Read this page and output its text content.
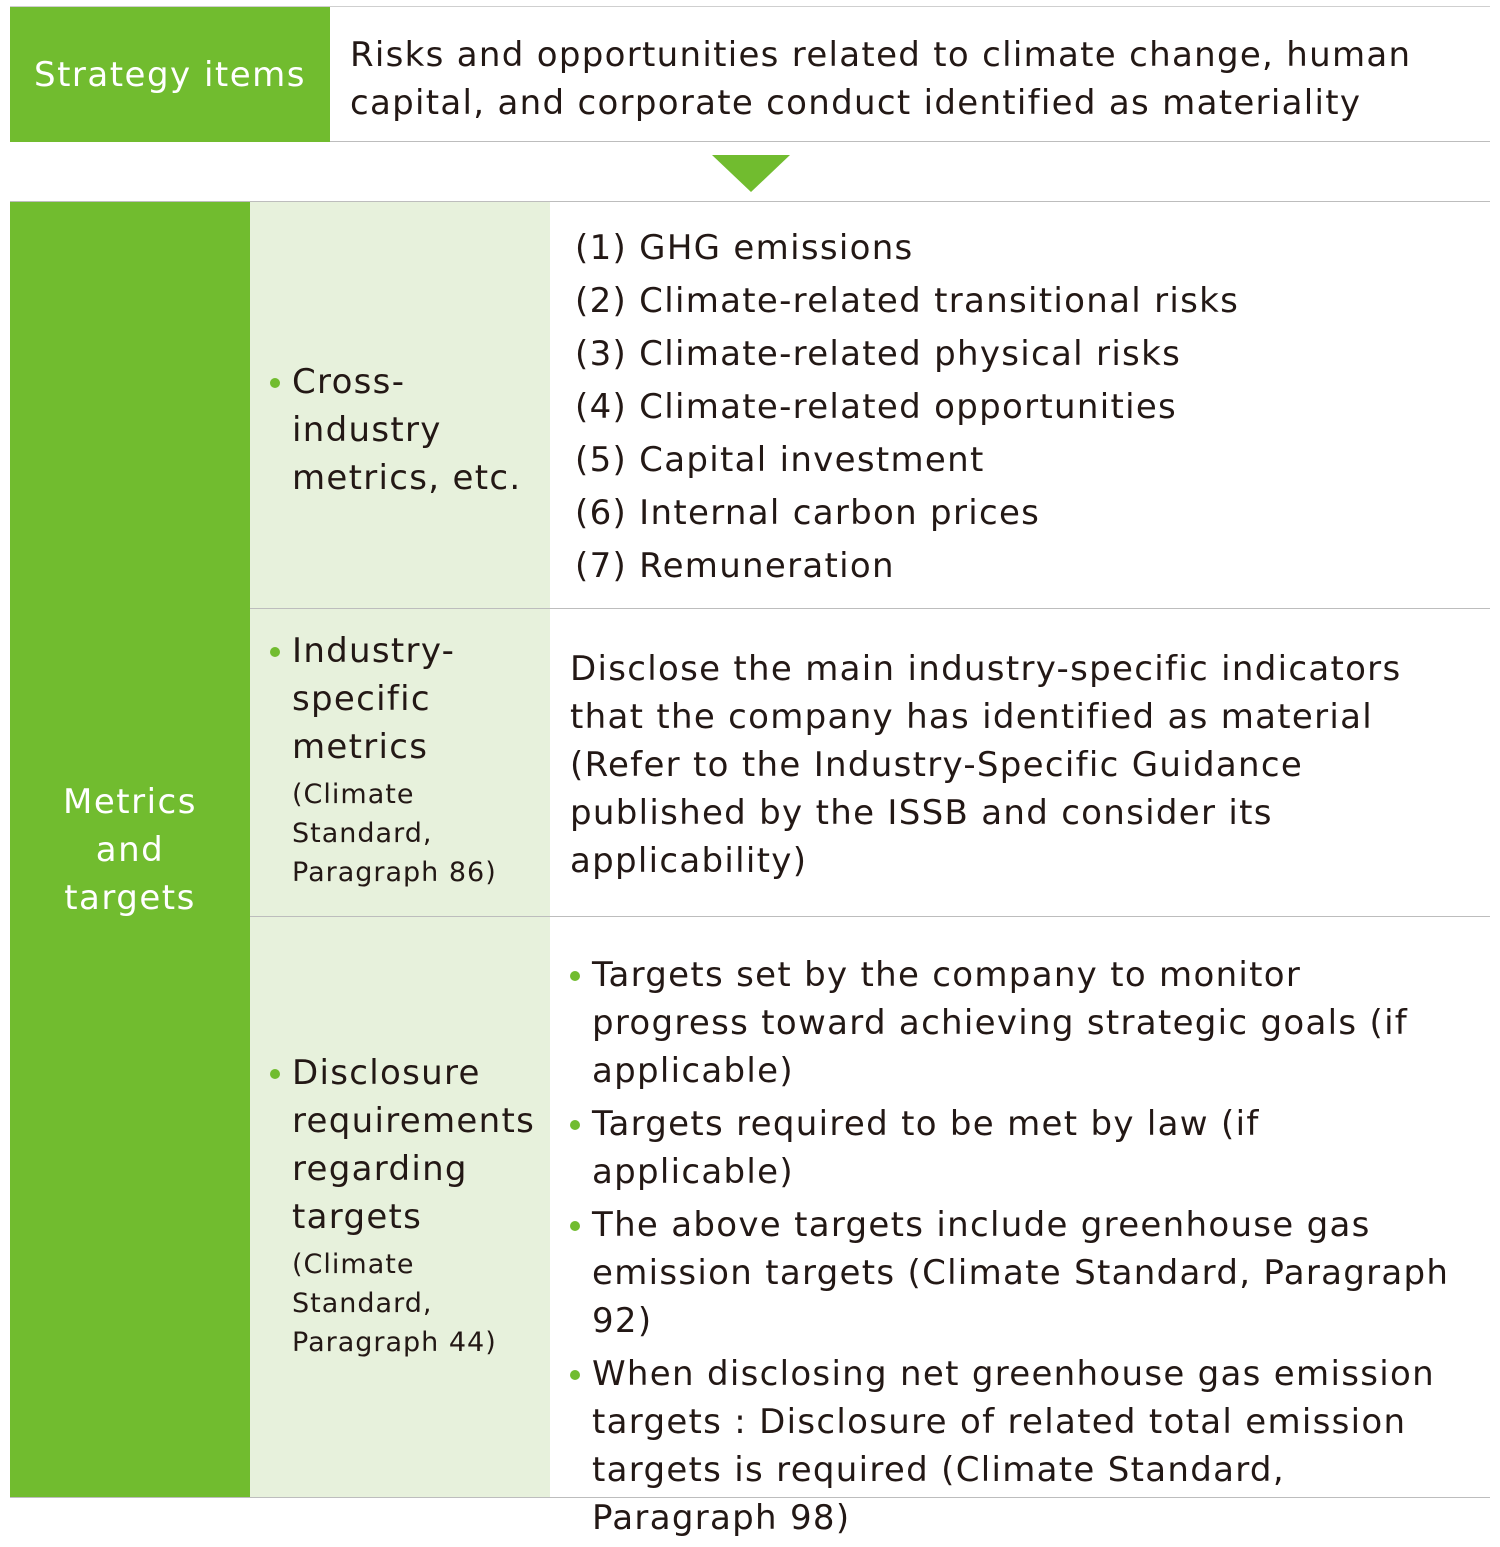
Strategy items	Risks and opportunities related to climate change, human capital, and corporate conduct identified as materiality
Metrics and targets
Cross-industry metrics, etc.
(1) GHG emissions
(2) Climate-related transitional risks
(3) Climate-related physical risks
(4) Climate-related opportunities
(5) Capital investment
(6) Internal carbon prices
(7) Remuneration
Industry-specific metrics
(Climate Standard, Paragraph 86)
Disclose the main industry-specific indicators that the company has identified as material (Refer to the Industry-Specific Guidance published by the ISSB and consider its applicability)
Disclosure requirements regarding targets
(Climate Standard, Paragraph 44)
Targets set by the company to monitor progress toward achieving strategic goals (if applicable)
Targets required to be met by law (if applicable)
The above targets include greenhouse gas emission targets (Climate Standard, Paragraph 92)
When disclosing net greenhouse gas emission targets : Disclosure of related total emission targets is required (Climate Standard, Paragraph 98)
